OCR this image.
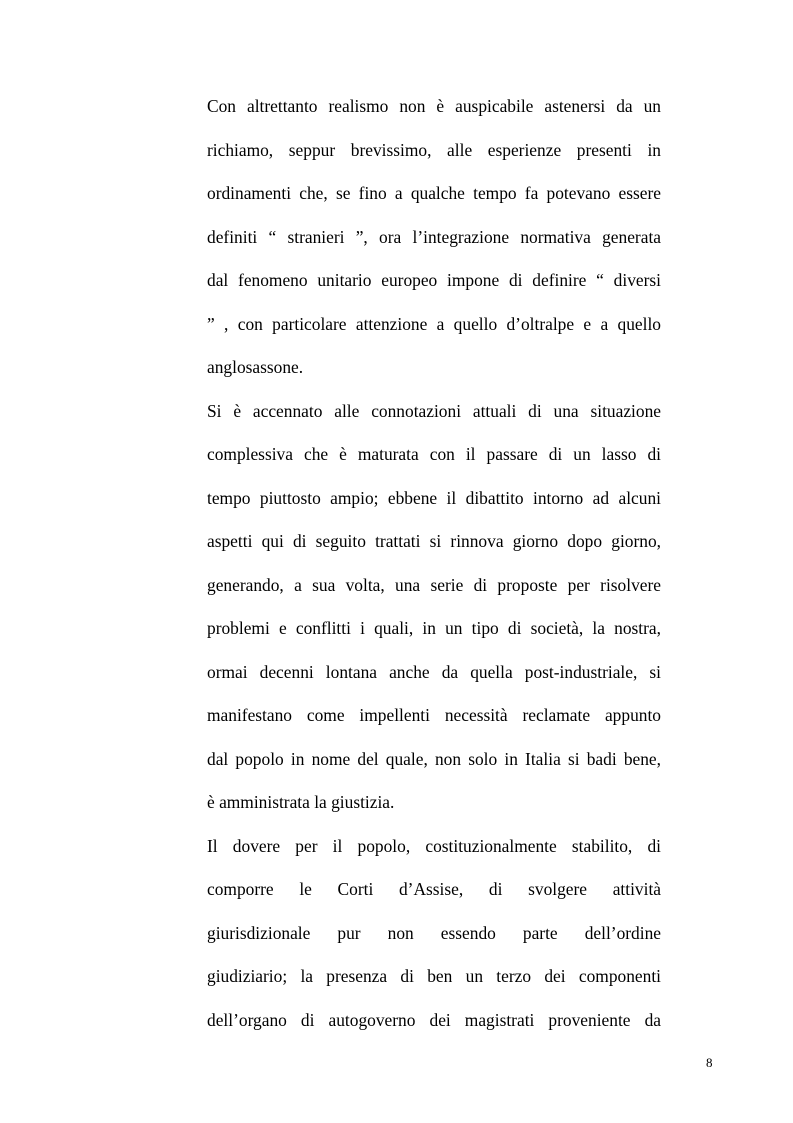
Con altrettanto realismo non è auspicabile astenersi da un
richiamo, seppur brevissimo, alle esperienze presenti in
ordinamenti che, se fino a qualche tempo fa potevano essere
definiti “ stranieri ”, ora l’integrazione normativa generata
dal fenomeno unitario europeo impone di definire “ diversi
” , con particolare attenzione a quello d’oltralpe e a quello
anglosassone.
Si è accennato alle connotazioni attuali di una situazione
complessiva che è maturata con il passare di un lasso di
tempo piuttosto ampio; ebbene il dibattito intorno ad alcuni
aspetti qui di seguito trattati si rinnova giorno dopo giorno,
generando, a sua volta, una serie di proposte per risolvere
problemi e conflitti i quali, in un tipo di società, la nostra,
ormai decenni lontana anche da quella post-industriale, si
manifestano come impellenti necessità reclamate appunto
dal popolo in nome del quale, non solo in Italia si badi bene,
è amministrata la giustizia.
Il dovere per il popolo, costituzionalmente stabilito, di
comporre le Corti d’Assise, di svolgere attività
giurisdizionale pur non essendo parte dell’ordine
giudiziario; la presenza di ben un terzo dei componenti
dell’organo di autogoverno dei magistrati proveniente da
8
